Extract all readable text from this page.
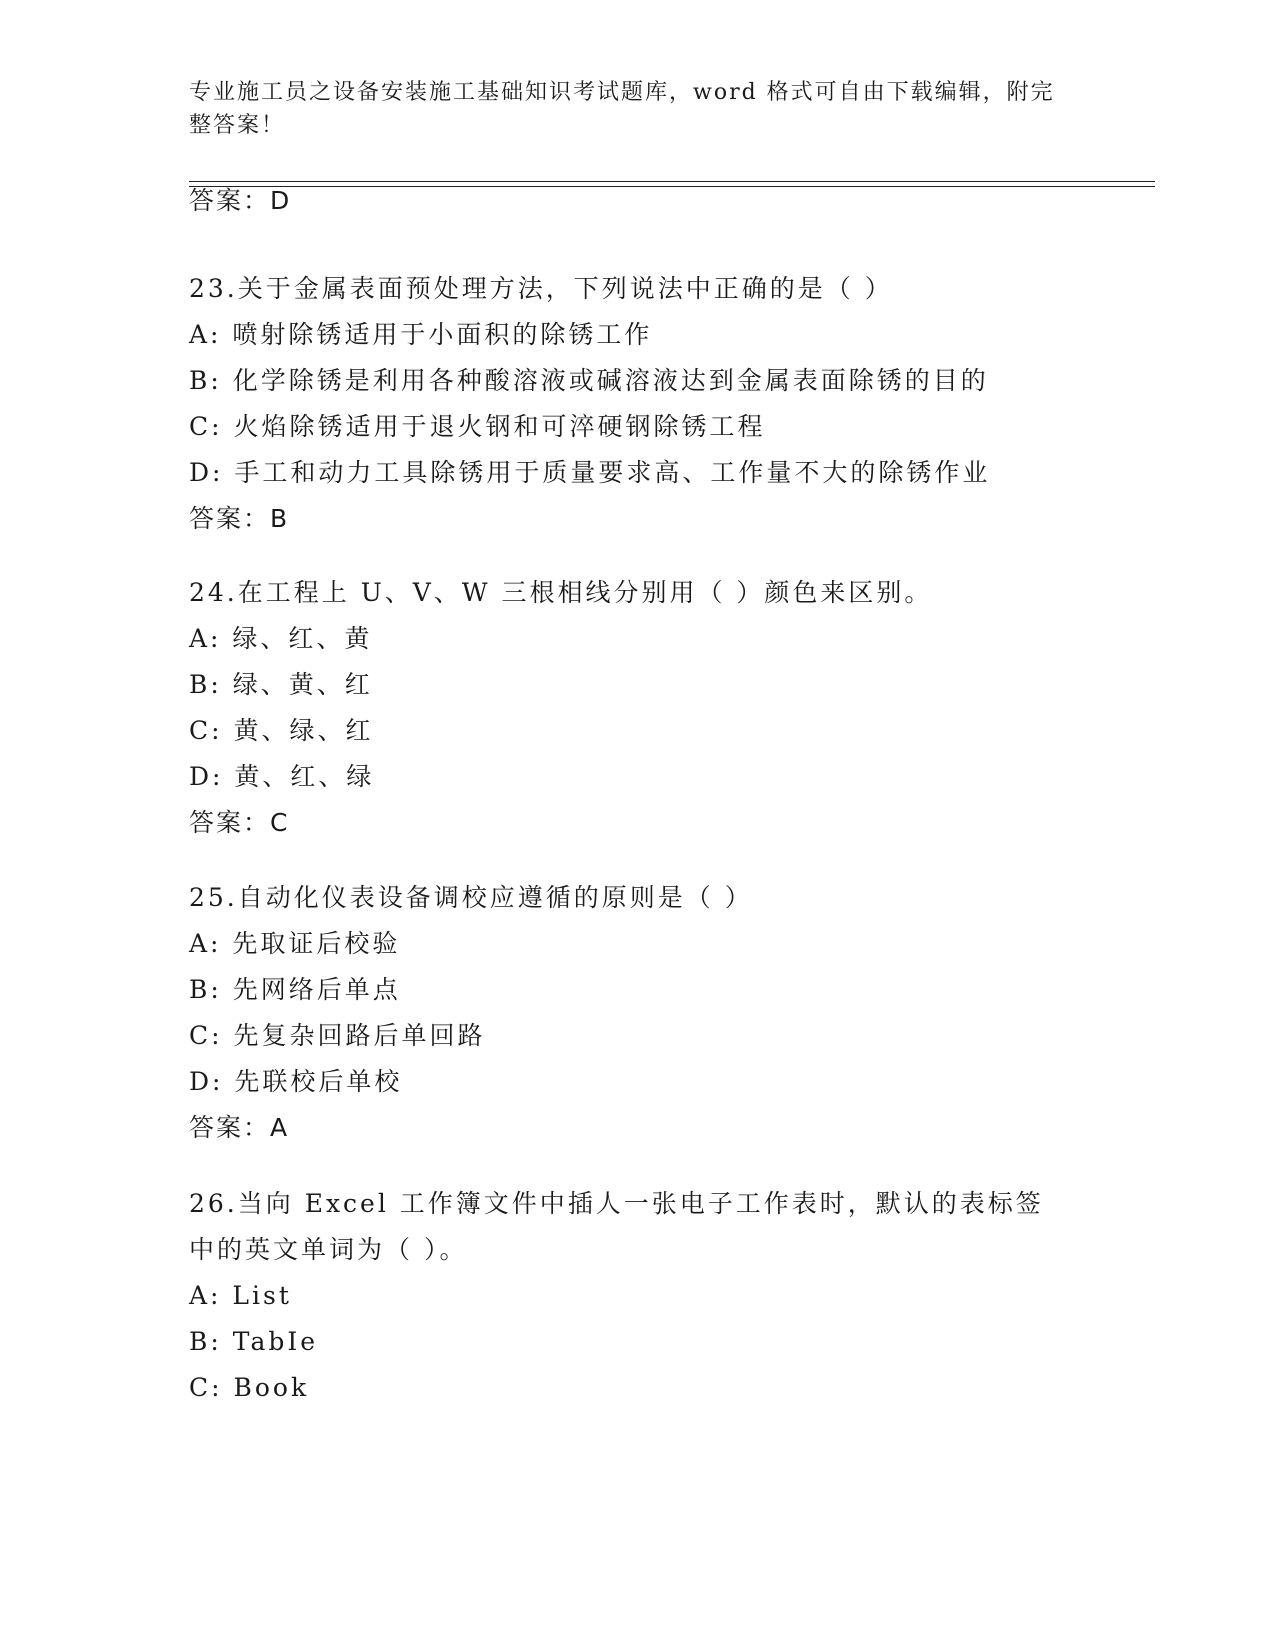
专业施工员之设备安装施工基础知识考试题库，word 格式可自由下载编辑，附完整答案！
答案：D
23.关于金属表面预处理方法，下列说法中正确的是（ ）
A: 喷射除锈适用于小面积的除锈工作
B: 化学除锈是利用各种酸溶液或碱溶液达到金属表面除锈的目的
C: 火焰除锈适用于退火钢和可淬硬钢除锈工程
D: 手工和动力工具除锈用于质量要求高、工作量不大的除锈作业
答案：B
24.在工程上 U、V、W 三根相线分别用（ ）颜色来区别。
A: 绿、红、黄
B: 绿、黄、红
C: 黄、绿、红
D: 黄、红、绿
答案：C
25.自动化仪表设备调校应遵循的原则是（ ）
A: 先取证后校验
B: 先网络后单点
C: 先复杂回路后单回路
D: 先联校后单校
答案：A
26.当向 Excel 工作簿文件中插人一张电子工作表时，默认的表标签中的英文单词为（ ）。
A: List
B: TabIe
C: Book
